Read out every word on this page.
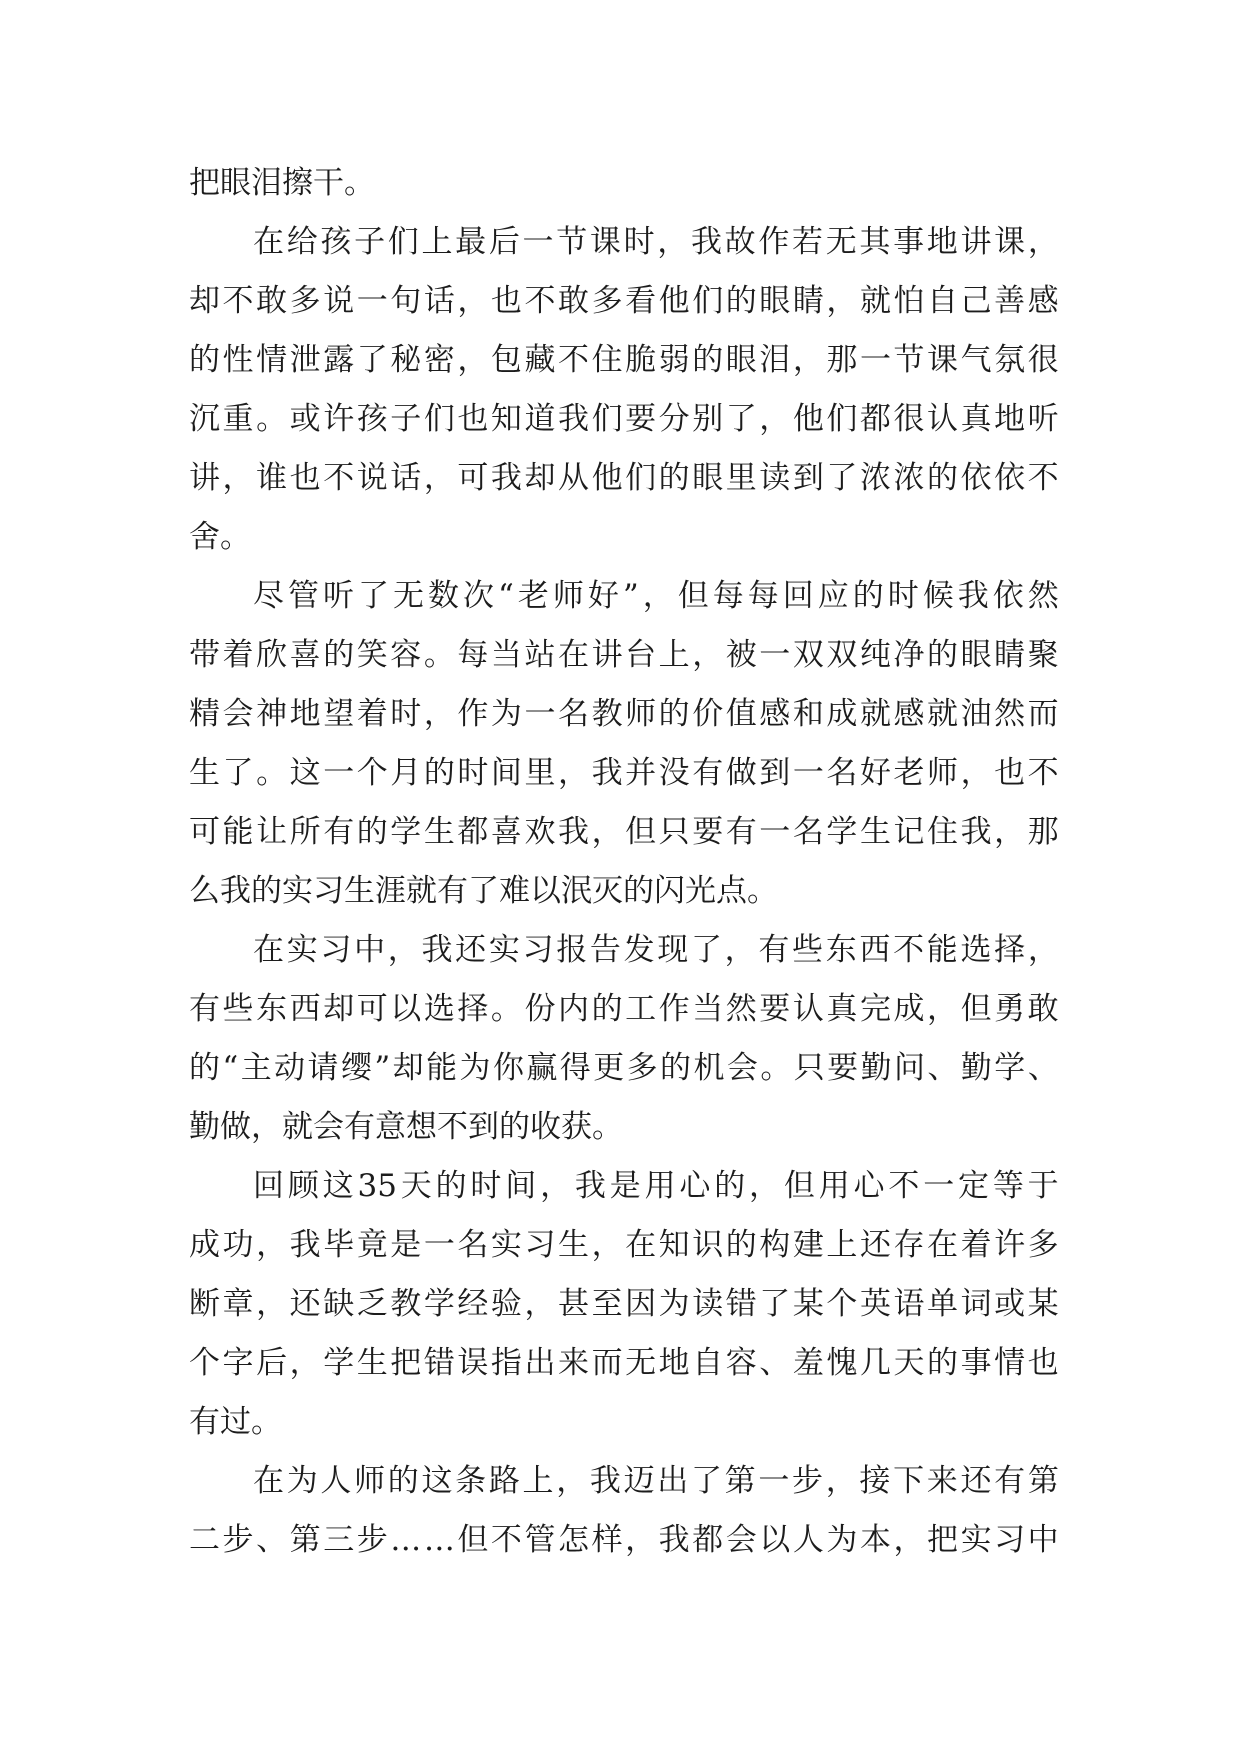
把眼泪擦干。
在 给 孩 子 们 上 最 后 一 节 课 时 ， 我 故 作 若 无 其 事 地 讲 课 ，
却 不 敢 多 说 一 句 话 ， 也 不 敢 多 看 他 们 的 眼 睛 ， 就 怕 自 己 善 感
的 性 情 泄 露 了 秘 密 ， 包 藏 不 住 脆 弱 的 眼 泪 ， 那 一 节 课 气 氛 很
沉 重 。 或 许 孩 子 们 也 知 道 我 们 要 分 别 了 ， 他 们 都 很 认 真 地 听
讲 ， 谁 也 不 说 话 ， 可 我 却 从 他 们 的 眼 里 读 到 了 浓 浓 的 依 依 不
舍。
尽 管 听 了 无 数 次 “ 老 师 好 ” ， 但 每 每 回 应 的 时 候 我 依 然
带 着 欣 喜 的 笑 容 。 每 当 站 在 讲 台 上 ， 被 一 双 双 纯 净 的 眼 睛 聚
精 会 神 地 望 着 时 ， 作 为 一 名 教 师 的 价 值 感 和 成 就 感 就 油 然 而
生 了 。 这 一 个 月 的 时 间 里 ， 我 并 没 有 做 到 一 名 好 老 师 ， 也 不
可 能 让 所 有 的 学 生 都 喜 欢 我 ， 但 只 要 有 一 名 学 生 记 住 我 ， 那
么我的实习生涯就有了难以泯灭的闪光点。
在 实 习 中 ， 我 还 实 习 报 告 发 现 了 ， 有 些 东 西 不 能 选 择 ，
有 些 东 西 却 可 以 选 择 。 份 内 的 工 作 当 然 要 认 真 完 成 ， 但 勇 敢
的 “ 主 动 请 缨 ” 却 能 为 你 赢 得 更 多 的 机 会 。 只 要 勤 问 、 勤 学 、
勤做，就会有意想不到的收获。
回 顾 这 35 天 的 时 间 ， 我 是 用 心 的 ， 但 用 心 不 一 定 等 于
成 功 ， 我 毕 竟 是 一 名 实 习 生 ， 在 知 识 的 构 建 上 还 存 在 着 许 多
断 章 ， 还 缺 乏 教 学 经 验 ， 甚 至 因 为 读 错 了 某 个 英 语 单 词 或 某
个 字 后 ， 学 生 把 错 误 指 出 来 而 无 地 自 容 、 羞 愧 几 天 的 事 情 也
有过。
在 为 人 师 的 这 条 路 上 ， 我 迈 出 了 第 一 步 ， 接 下 来 还 有 第
二 步 、 第 三 步 … … 但 不 管 怎 样 ， 我 都 会 以 人 为 本 ， 把 实 习 中
